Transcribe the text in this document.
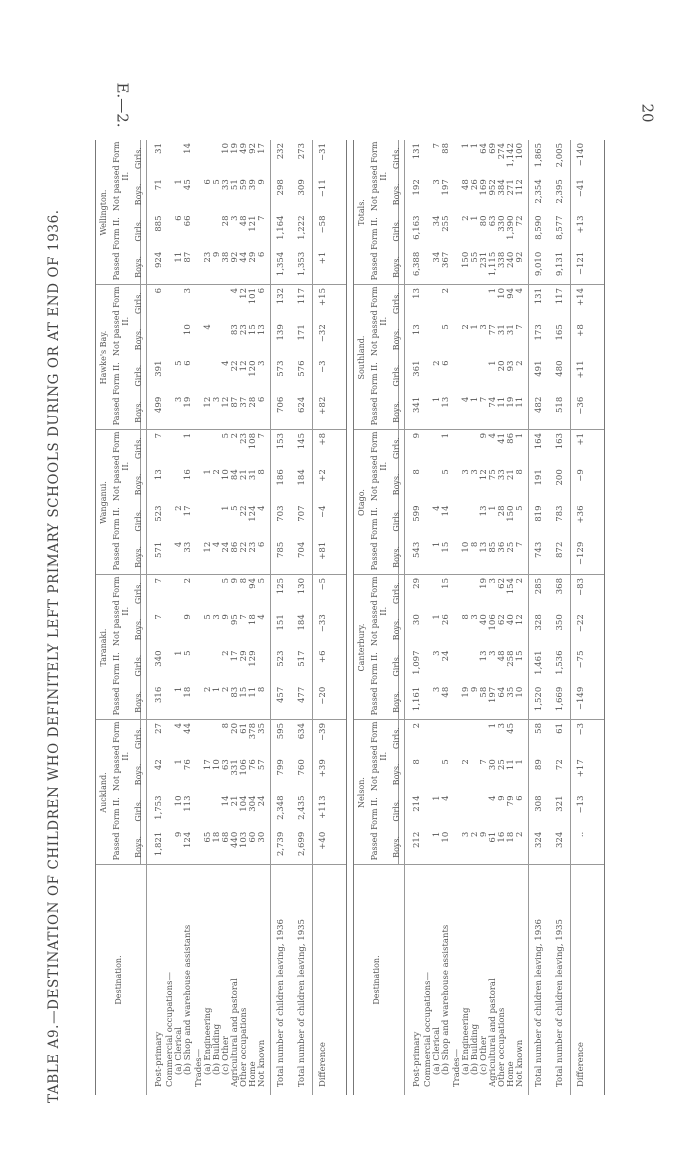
E.—2.	20
TABLE A9.—DESTINATION OF CHILDREN WHO DEFINITELY LEFT PRIMARY SCHOOLS DURING OR AT END OF 1936.	Destination.
Post-primary Commercial occupations— (a) Clerical (b) Shop and warehouse assistants Trades— (a) Engineering (b) Building (c) Other Agricultural and pastoral Other occupations Home Not known Total number of children leaving, 1936 Total number of children leaving, 1935 Difference
Auckland.
Passed Form II.
Not passed Form II.
Boys.
Girls.
Boys.
Girls.
1,821
1,753
42
27
9
10
1
4
124
113
76
44
65
17
18
10
68
14
63
8
440
21
331
20
103
104
106
61
60
304
76
378
30
24
57
35
2,739
2,348
799
595
2,699
2,435
760
634
+40
+113
+39
−39
Taranaki.
Passed Form II.
Not passed Form II.
Boys.
Girls.
Boys.
Girls.
316
340
7
7
1
1
18
5
9
2
2
5
1
3
2
2
9
5
83
17
95
9
15
29
7
8
11
129
18
94
8
4
5
457
523
151
125
477
517
184
130
−20
+6
−33
−5
Wanganui.
Passed Form II.
Not passed Form II.
Boys.
Girls.
Boys.
Girls.
571
523
13
7
4
2
33
17
16
1
12
1
4
2
24
1
10
5
86
5
84
2
22
22
21
23
23
124
31
108
6
4
8
7
785
703
186
153
704
707
184
145
+81
−4
+2
+8
Hawke's Bay.
Passed Form II.
Not passed Form II.
Boys.
Girls.
Boys.
Girls.
499
391
6
3
5
19
6
10
3
12
4
3 12
4
87
22
83
4
37
12
23
12
28
120
15
101
6
3
13
6
706
573
139
132
624
576
171
117
+82
−3
−32
+15
Wellington.
Passed Form II.
Not passed Form II.
Boys.
Girls.
Boys.
Girls.
924
885
71
31
11
6
1
87
66
45
14
23
6
9
5
38
28
33
10
92
3
51
19
44
48
59
49
29
121
39
92
6
7
9
17
1,354
1,164
298
232
1,353
1,222
309
273
+1
−58
−11
−31
Destination.
Post-primary Commercial occupations— (a) Clerical (b) Shop and warehouse assistants Trades— (a) Engineering (b) Building (c) Other Agricultural and pastoral Other occupations Home Not known Total number of children leaving, 1936 Total number of children leaving, 1935 Difference
Nelson.
Passed Form II.
Not passed Form II.
Boys.
Girls.
Boys.
Girls.
212
214
8
2
1
1
10
4
5
3
2
2 9
7
61
4
30
1
16
9
25
3
18
79
11
45
2
6
1
324
308
89
58
324
321
72
61
..
−13
+17
−3
Canterbury.
Passed Form II.
Not passed Form II.
Boys.
Girls.
Boys.
Girls.
1,161
1,097
30
29
3
3
1
48
24
26
15
19
8
9
3
58
13
40
19
197
3
106
3
64
48
62
62
35
258
40
154
10
15
12
2
1,520
1,461
328
285
1,669
1,536
350
368
−149
−75
−22
−83
Otago.
Passed Form II.
Not passed Form II.
Boys.
Girls.
Boys.
Girls.
543
599
8
9
1
4
15
14
5
1
10
3
8
3
13
13
12
9
85
1
75
4
36
28
33
41
25
150
21
86
7
5
8
1
743
819
191
164
872
783
200
163
−129
+36
−9
+1
Southland.
Passed Form II.
Not passed Form II.
Boys.
Girls.
Boys.
Girls.
341
361
13
13
1
2
13
6
5
2
4
2
1
1
7
3
74
1
77
1
11
20
31
10
19
93
31
94
11
2
7
4
482
491
173
131
518
480
165
117
−36
+11
+8
+14
Totals.
Passed Form II.
Not passed Form II.
Boys.
Girls.
Boys.
Girls.
6,388
6,163
192
131
34
34
3
7
367
255
197
88
150
2
48
1
55
1
26
1
231
80
169
64
1,115
63
952
69
338
330
384
274
240
1,390
271
1,142
92
72
112
100
9,010
8,590
2,354
1,865
9,131
8,577
2,395
2,005
−121
+13
−41
−140
